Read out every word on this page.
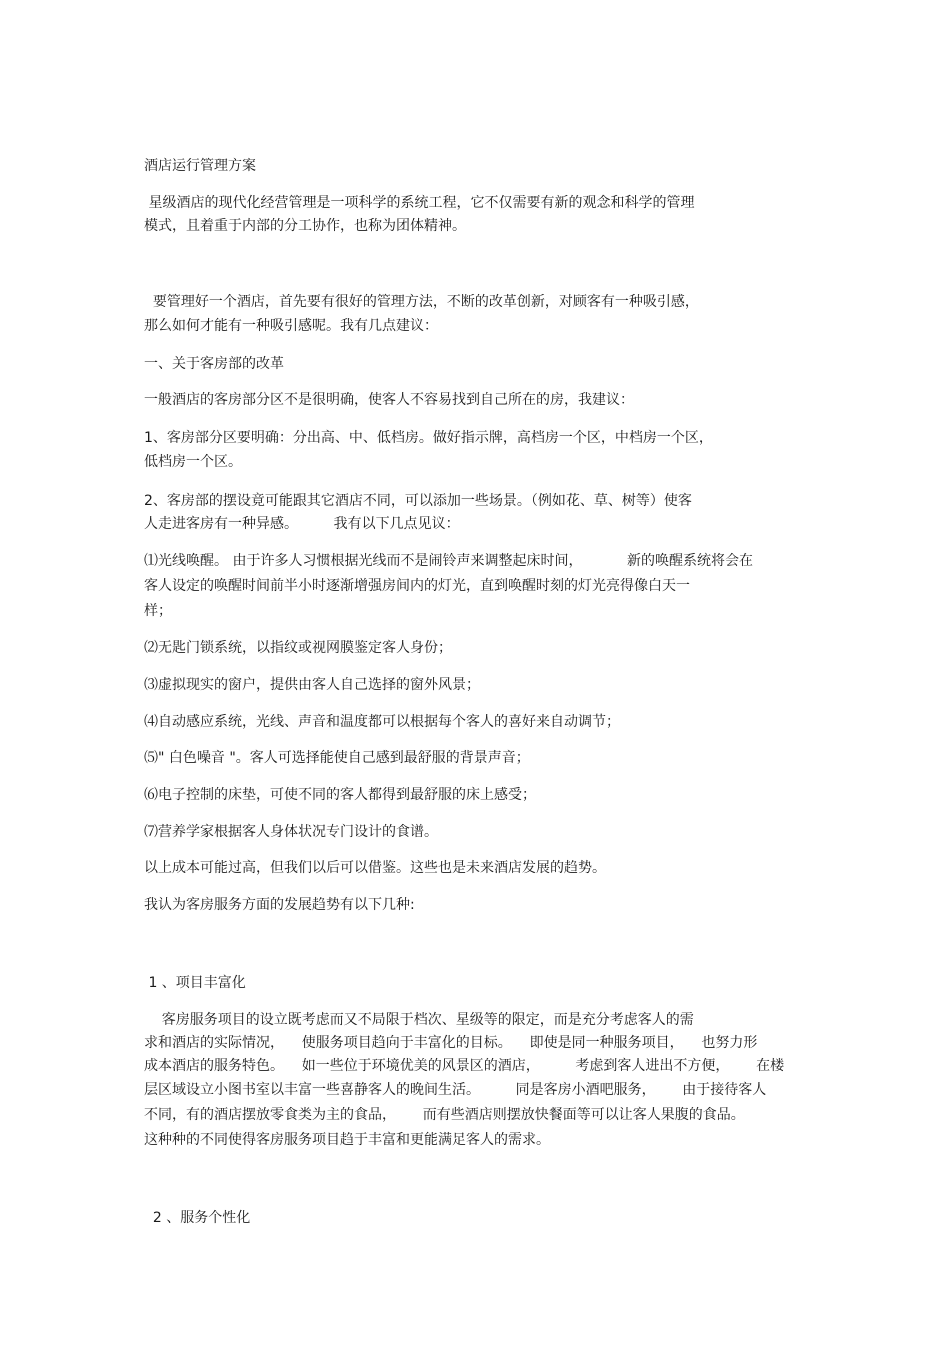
酒店运行管理方案
星级酒店的现代化经营管理是一项科学的系统工程，它不仅需要有新的观念和科学的管理
模式，且着重于内部的分工协作，也称为团体精神。
要管理好一个酒店，首先要有很好的管理方法，不断的改革创新，对顾客有一种吸引感，
那么如何才能有一种吸引感呢。我有几点建议：
一、关于客房部的改革
一般酒店的客房部分区不是很明确，使客人不容易找到自己所在的房，我建议：
1、客房部分区要明确：分出高、中、低档房。做好指示牌，高档房一个区，中档房一个区，
低档房一个区。
2、客房部的摆设竟可能跟其它酒店不同，可以添加一些场景。（例如花、草、树等）使客
人走进客房有一种异感。        我有以下几点见议：
⑴光线唤醒。 由于许多人习惯根据光线而不是闹铃声来调整起床时间，          新的唤醒系统将会在
客人设定的唤醒时间前半小时逐渐增强房间内的灯光，直到唤醒时刻的灯光亮得像白天一
样；
⑵无匙门锁系统，以指纹或视网膜鉴定客人身份；
⑶虚拟现实的窗户，提供由客人自己选择的窗外风景；
⑷自动感应系统，光线、声音和温度都可以根据每个客人的喜好来自动调节；
⑸" 白色噪音 "。客人可选择能使自己感到最舒服的背景声音；
⑹电子控制的床垫，可使不同的客人都得到最舒服的床上感受；
⑺营养学家根据客人身体状况专门设计的食谱。
以上成本可能过高，但我们以后可以借鉴。这些也是未来酒店发展的趋势。
我认为客房服务方面的发展趋势有以下几种:
1 、项目丰富化
客房服务项目的设立既考虑而又不局限于档次、星级等的限定，而是充分考虑客人的需
求和酒店的实际情况，    使服务项目趋向于丰富化的目标。    即使是同一种服务项目，    也努力形
成本酒店的服务特色。    如一些位于环境优美的风景区的酒店，        考虑到客人进出不方便，      在楼
层区域设立小图书室以丰富一些喜静客人的晚间生活。        同是客房小酒吧服务，      由于接待客人
不同，有的酒店摆放零食类为主的食品，      而有些酒店则摆放快餐面等可以让客人果腹的食品。
这种种的不同使得客房服务项目趋于丰富和更能满足客人的需求。
2 、服务个性化
